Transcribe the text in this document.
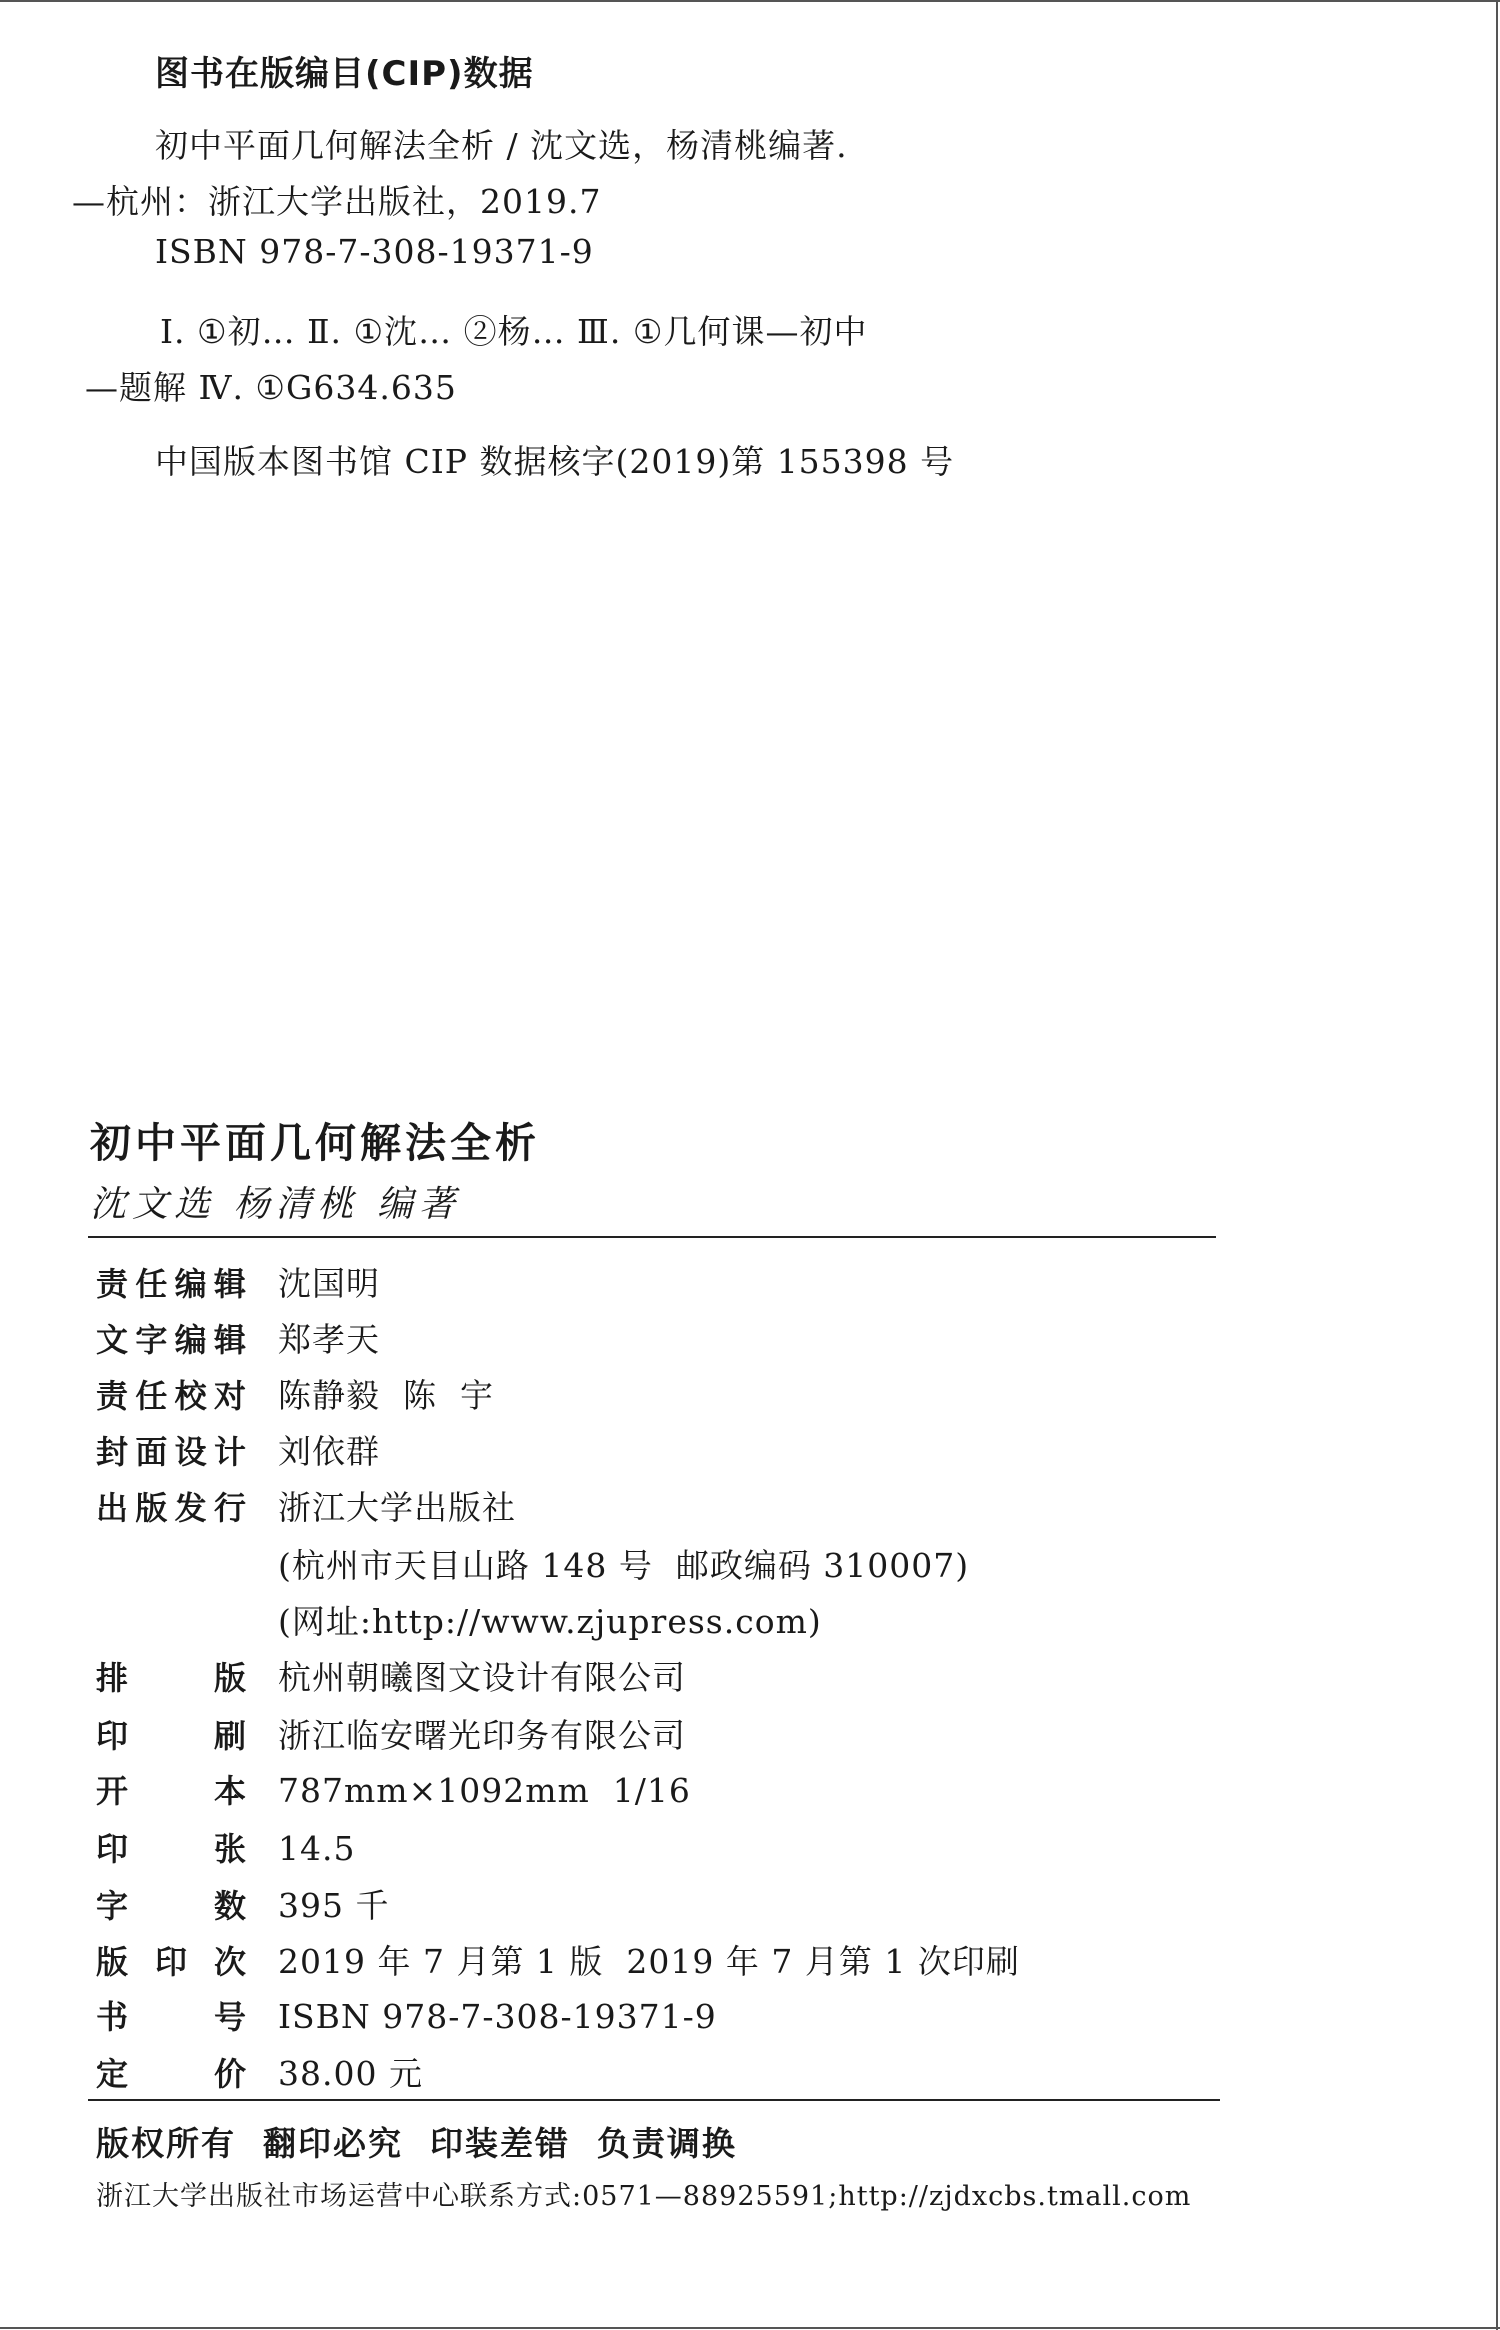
图书在版编目(CIP)数据
初中平面几何解法全析 / 沈文选，杨清桃编著.
—杭州：浙江大学出版社，2019.7
ISBN 978-7-308-19371-9
Ⅰ. ①初… Ⅱ. ①沈… ②杨… Ⅲ. ①几何课—初中
—题解 Ⅳ. ①G634.635
中国版本图书馆 CIP 数据核字(2019)第 155398 号
初中平面几何解法全析
沈文选 杨清桃 编著
责 任 编 辑 沈国明
文 字 编 辑 郑孝天
责 任 校 对 陈静毅  陈  宇
封 面 设 计 刘依群
出 版 发 行 浙江大学出版社
(杭州市天目山路 148 号  邮政编码 310007)
(网址:http://www.zjupress.com)
排	版 杭州朝曦图文设计有限公司
印	刷 浙江临安曙光印务有限公司
开	本 787mm×1092mm  1/16
印	张 14.5
字	数 395 千
版 印 次 2019 年 7 月第 1 版  2019 年 7 月第 1 次印刷
书	号 ISBN 978-7-308-19371-9
定	价 38.00 元
版权所有  翻印必究  印装差错  负责调换
浙江大学出版社市场运营中心联系方式:0571—88925591;http://zjdxcbs.tmall.com
